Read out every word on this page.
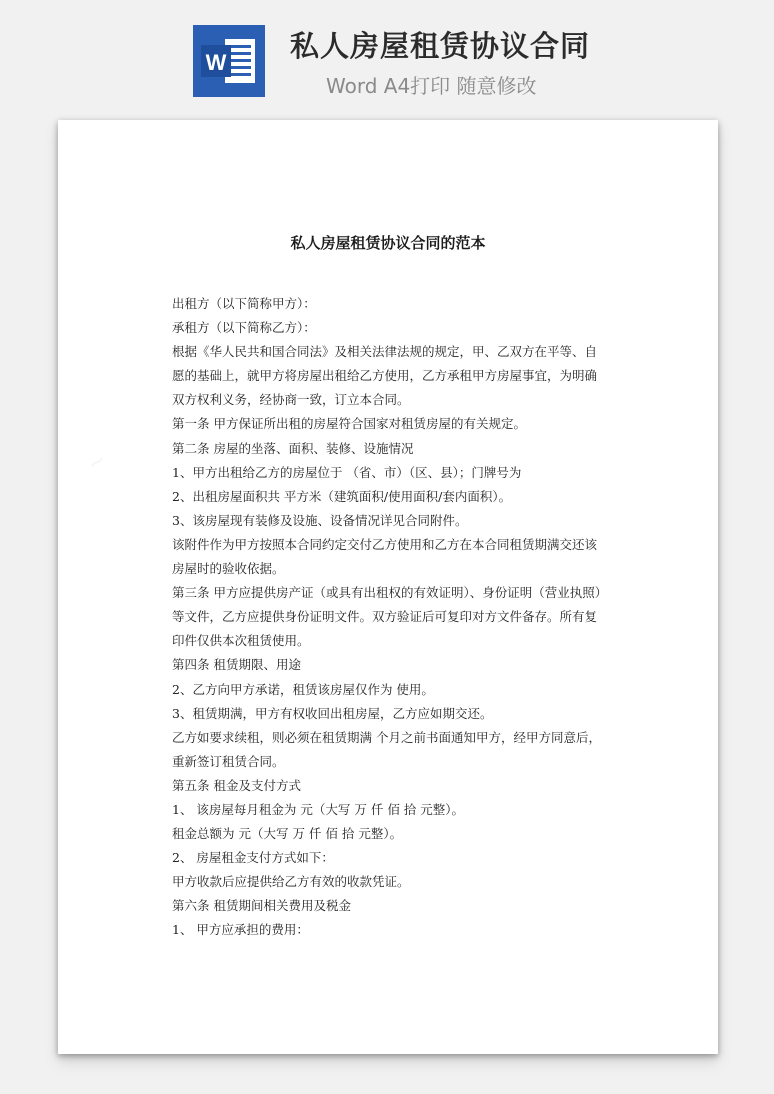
W 私人房屋租赁协议合同
Word A4打印 随意修改
~
私人房屋租赁协议合同的范本

出租方（以下简称甲方）：

承租方（以下简称乙方）：

根据《华人民共和国合同法》及相关法律法规的规定，甲、乙双方在平等、自

愿的基础上，就甲方将房屋出租给乙方使用，乙方承租甲方房屋事宜，为明确

双方权利义务，经协商一致，订立本合同。

第一条 甲方保证所出租的房屋符合国家对租赁房屋的有关规定。

第二条 房屋的坐落、面积、装修、设施情况

1、甲方出租给乙方的房屋位于 （省、市）（区、县）；门牌号为

2、出租房屋面积共 平方米（建筑面积/使用面积/套内面积）。

3、该房屋现有装修及设施、设备情况详见合同附件。

该附件作为甲方按照本合同约定交付乙方使用和乙方在本合同租赁期满交还该

房屋时的验收依据。

第三条 甲方应提供房产证（或具有出租权的有效证明）、身份证明（营业执照）

等文件，乙方应提供身份证明文件。双方验证后可复印对方文件备存。所有复

印件仅供本次租赁使用。

第四条 租赁期限、用途

2、乙方向甲方承诺，租赁该房屋仅作为 使用。

3、租赁期满，甲方有权收回出租房屋，乙方应如期交还。

乙方如要求续租，则必须在租赁期满 个月之前书面通知甲方，经甲方同意后，

重新签订租赁合同。

第五条 租金及支付方式

1、 该房屋每月租金为 元（大写 万 仟 佰 拾 元整）。

租金总额为 元（大写 万 仟 佰 拾 元整）。

2、 房屋租金支付方式如下：

甲方收款后应提供给乙方有效的收款凭证。

第六条 租赁期间相关费用及税金

1、 甲方应承担的费用：
